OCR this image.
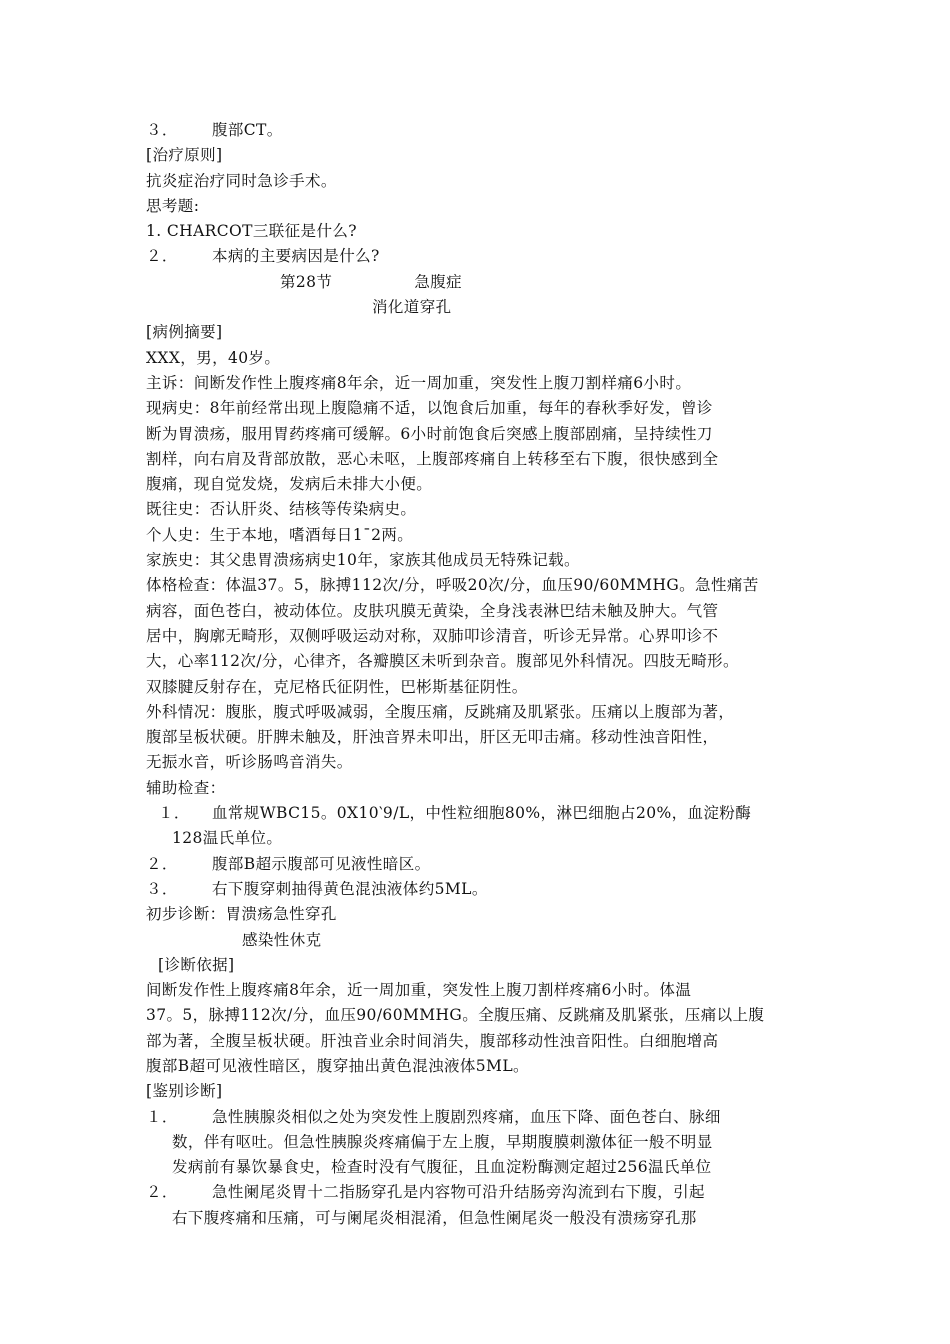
３． 腹部CT。
[治疗原则]
抗炎症治疗同时急诊手术。
思考题:
1. CHARCOT三联征是什么?
２． 本病的主要病因是什么?
第28节	急腹症
消化道穿孔
[病例摘要]
XXX，男，40岁。
主诉：间断发作性上腹疼痛8年余，近一周加重，突发性上腹刀割样痛6小时。
现病史：8年前经常出现上腹隐痛不适，以饱食后加重，每年的春秋季好发，曾诊
断为胃溃疡，服用胃药疼痛可缓解。6小时前饱食后突感上腹部剧痛，呈持续性刀
割样，向右肩及背部放散，恶心未呕，上腹部疼痛自上转移至右下腹，很快感到全
腹痛，现自觉发烧，发病后未排大小便。
既往史：否认肝炎、结核等传染病史。
个人史：生于本地，嗜酒每日1¯2两。
家族史：其父患胃溃疡病史10年，家族其他成员无特殊记载。
体格检查：体温37。5，脉搏112次/分，呼吸20次/分，血压90/60MMHG。急性痛苦
病容，面色苍白，被动体位。皮肤巩膜无黄染，全身浅表淋巴结未触及肿大。气管
居中，胸廓无畸形，双侧呼吸运动对称，双肺叩诊清音，听诊无异常。心界叩诊不
大，心率112次/分，心律齐，各瓣膜区未听到杂音。腹部见外科情况。四肢无畸形。
双膝腱反射存在，克尼格氏征阴性，巴彬斯基征阴性。
外科情况：腹胀，腹式呼吸减弱，全腹压痛，反跳痛及肌紧张。压痛以上腹部为著，
腹部呈板状硬。肝脾未触及，肝浊音界未叩出，肝区无叩击痛。移动性浊音阳性，
无振水音，听诊肠鸣音消失。
辅助检查：
１． 血常规WBC15。0X10‵9/L，中性粒细胞80%，淋巴细胞占20%，血淀粉酶
128温氏单位。
２． 腹部B超示腹部可见液性暗区。
３． 右下腹穿刺抽得黄色混浊液体约5ML。
初步诊断：胃溃疡急性穿孔
感染性休克
[诊断依据]
间断发作性上腹疼痛8年余，近一周加重，突发性上腹刀割样疼痛6小时。体温
37。5，脉搏112次/分，血压90/60MMHG。全腹压痛、反跳痛及肌紧张，压痛以上腹
部为著，全腹呈板状硬。肝浊音业余时间消失，腹部移动性浊音阳性。白细胞增高
腹部B超可见液性暗区，腹穿抽出黄色混浊液体5ML。
[鉴别诊断]
１． 急性胰腺炎相似之处为突发性上腹剧烈疼痛，血压下降、面色苍白、脉细
数，伴有呕吐。但急性胰腺炎疼痛偏于左上腹，早期腹膜刺激体征一般不明显
发病前有暴饮暴食史，检查时没有气腹征，且血淀粉酶测定超过256温氏单位
２． 急性阑尾炎胃十二指肠穿孔是内容物可沿升结肠旁沟流到右下腹，引起
右下腹疼痛和压痛，可与阑尾炎相混淆，但急性阑尾炎一般没有溃疡穿孔那
